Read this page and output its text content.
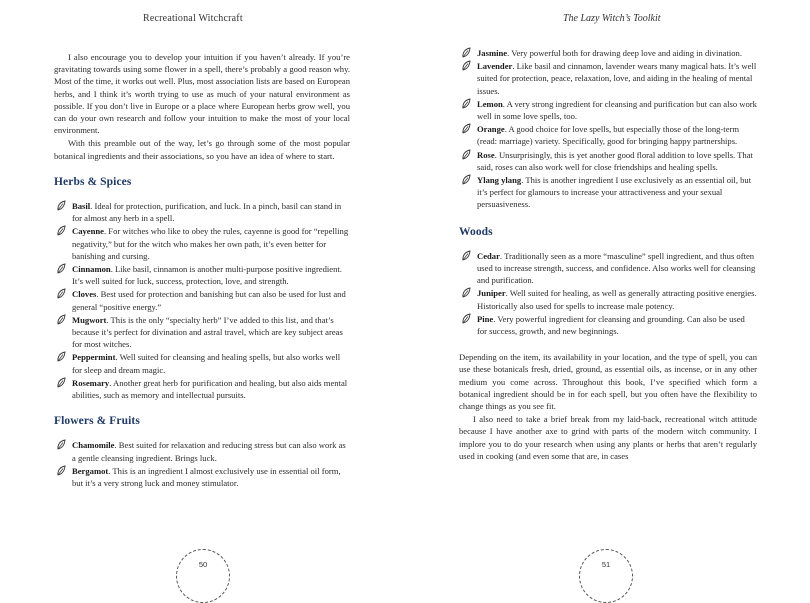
Recreational Witchcraft

I also encourage you to develop your intuition if you haven’t already. If you’re gravitating towards using some flower in a spell, there’s probably a good reason why. Most of the time, it works out well. Plus, most association lists are based on European herbs, and I think it’s worth trying to use as much of your natural environment as possible. If you don’t live in Europe or a place where European herbs grow well, you can do your own research and follow your intuition to make the most of your local environment.

With this preamble out of the way, let’s go through some of the most popular botanical ingredients and their associations, so you have an idea of where to start.

Herbs & Spices
Basil. Ideal for protection, purification, and luck. In a pinch, basil can stand in for almost any herb in a spell.
Cayenne. For witches who like to obey the rules, cayenne is good for “repelling negativity,” but for the witch who makes her own path, it’s even better for banishing and cursing.
Cinnamon. Like basil, cinnamon is another multi-purpose positive ingredient. It’s well suited for luck, success, protection, love, and strength.
Cloves. Best used for protection and banishing but can also be used for lust and general “positive energy.”
Mugwort. This is the only “specialty herb” I’ve added to this list, and that’s because it’s perfect for divination and astral travel, which are key subject areas for most witches.
Peppermint. Well suited for cleansing and healing spells, but also works well for sleep and dream magic.
Rosemary. Another great herb for purification and healing, but also aids mental abilities, such as memory and intellectual pursuits.
Flowers & Fruits
Chamomile. Best suited for relaxation and reducing stress but can also work as a gentle cleansing ingredient. Brings luck.
Bergamot. This is an ingredient I almost exclusively use in essential oil form, but it’s a very strong luck and money stimulator.
50
The Lazy Witch’s Toolkit
Jasmine. Very powerful both for drawing deep love and aiding in divination.
Lavender. Like basil and cinnamon, lavender wears many magical hats. It’s well suited for protection, peace, relaxation, love, and aiding in the healing of mental issues.
Lemon. A very strong ingredient for cleansing and purification but can also work well in some love spells, too.
Orange. A good choice for love spells, but especially those of the long-term (read: marriage) variety. Specifically, good for bringing happy partnerships.
Rose. Unsurprisingly, this is yet another good floral addition to love spells. That said, roses can also work well for close friendships and healing spells.
Ylang ylang. This is another ingredient I use exclusively as an essential oil, but it’s perfect for glamours to increase your attractiveness and your sexual persuasiveness.
Woods
Cedar. Traditionally seen as a more “masculine” spell ingredient, and thus often used to increase strength, success, and confidence. Also works well for cleansing and purification.
Juniper. Well suited for healing, as well as generally attracting positive energies. Historically also used for spells to increase male potency.
Pine. Very powerful ingredient for cleansing and grounding. Can also be used for success, growth, and new beginnings.

Depending on the item, its availability in your location, and the type of spell, you can use these botanicals fresh, dried, ground, as essential oils, as incense, or in any other medium you come across. Throughout this book, I’ve specified which form a botanical ingredient should be in for each spell, but you often have the flexibility to change things as you see fit.

I also need to take a brief break from my laid-back, recreational witch attitude because I have another axe to grind with parts of the modern witch community. I implore you to do your research when using any plants or herbs that aren’t regularly used in cooking (and even some that are, in cases

51
